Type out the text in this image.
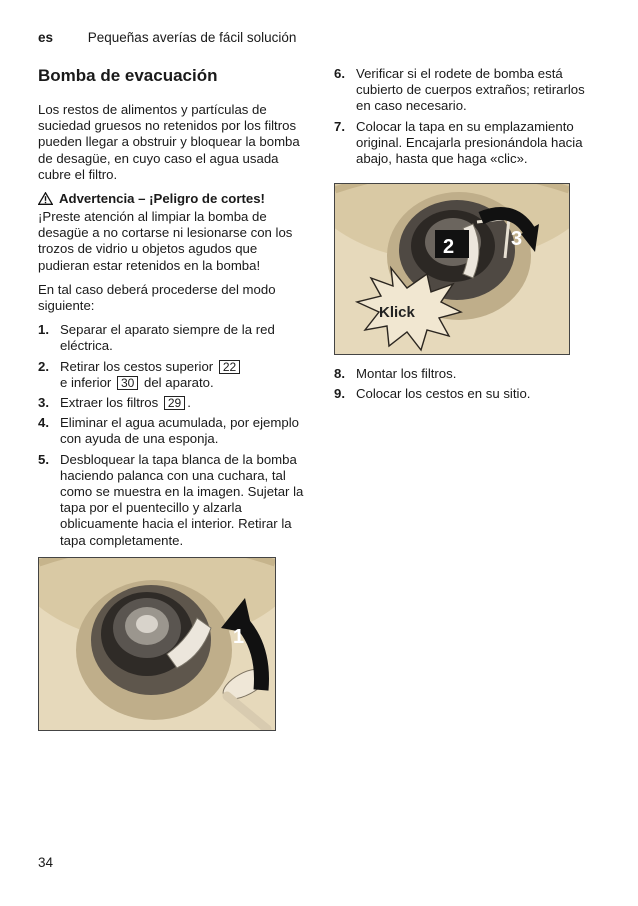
es	Pequeñas averías de fácil solución
Bomba de evacuación

Los restos de alimentos y partículas de suciedad gruesos no retenidos por los filtros pueden llegar a obstruir y bloquear la bomba de desagüe, en cuyo caso el agua usada cubre el filtro.

Advertencia – ¡Peligro de cortes!

¡Preste atención al limpiar la bomba de desagüe a no cortarse ni lesionarse con los trozos de vidrio u objetos agudos que pudieran estar retenidos en la bomba!

En tal caso deberá procederse del modo siguiente:

1. Separar el aparato siempre de la red eléctrica.
2. Retirar los cestos superior 22
e inferior 30 del aparato.
3. Extraer los filtros 29 .
4. Eliminar el agua acumulada, por ejemplo con ayuda de una esponja.
5. Desbloquear la tapa blanca de la bomba haciendo palanca con una cuchara, tal como se muestra en la imagen. Sujetar la tapa por el puentecillo y alzarla oblicuamente hacia el interior. Retirar la tapa completamente.
1
6. Verificar si el rodete de bomba está cubierto de cuerpos extraños; retirarlos en caso necesario.
7. Colocar la tapa en su emplazamiento original. Encajarla presionándola hacia abajo, hasta que haga «clic».
2	3
Klick
8. Montar los filtros.
9. Colocar los cestos en su sitio.
34
